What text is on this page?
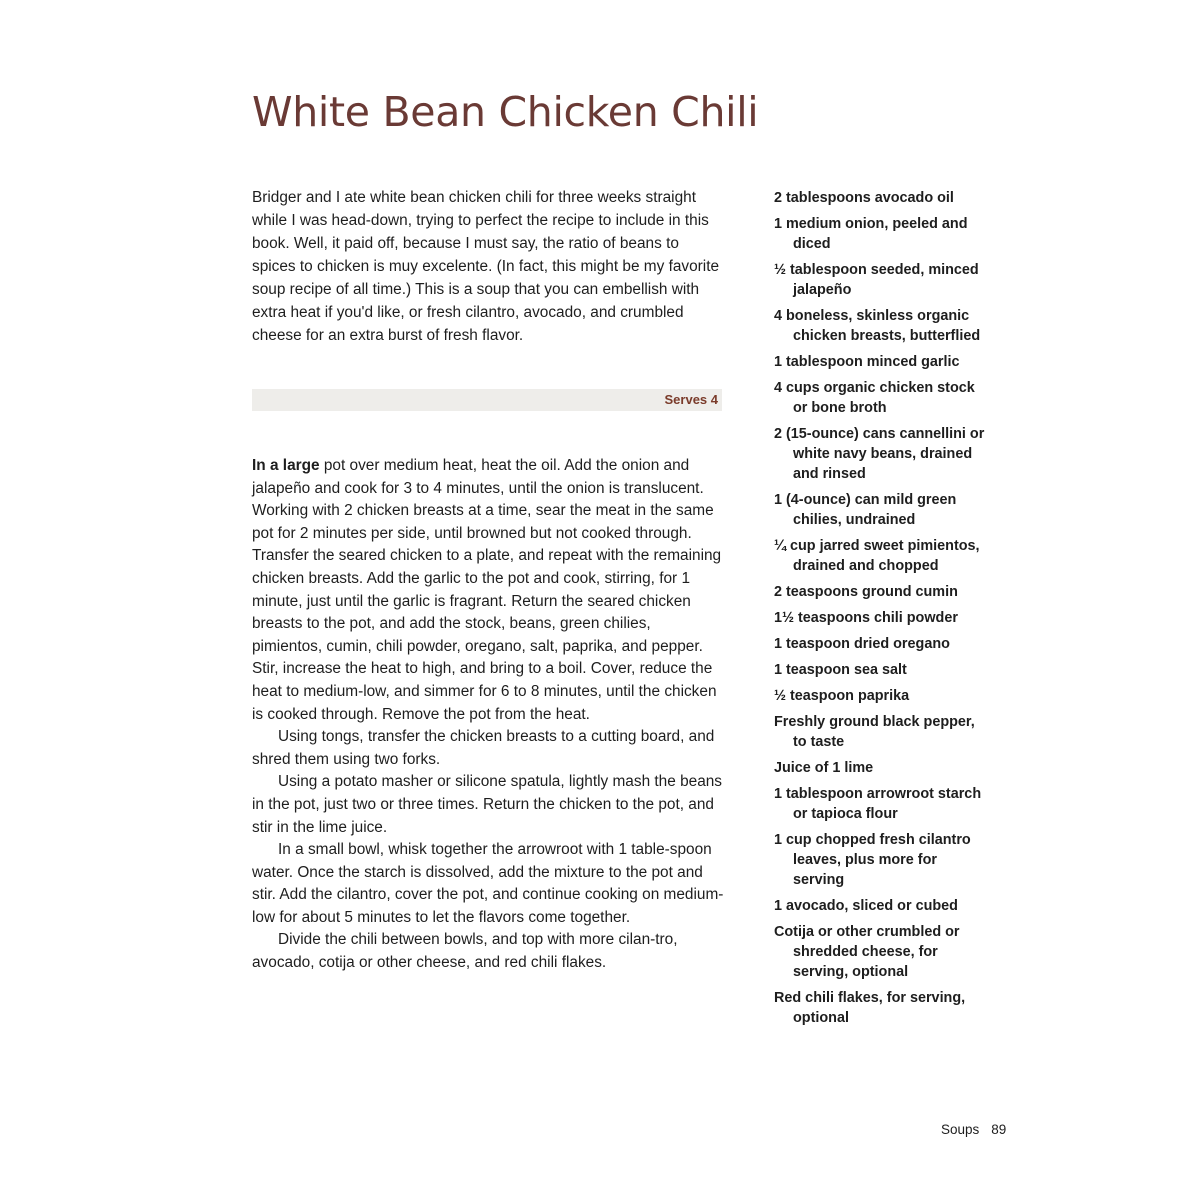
White Bean Chicken Chili

Bridger and I ate white bean chicken chili for three weeks straight while I was head-down, trying to perfect the recipe to include in this book. Well, it paid off, because I must say, the ratio of beans to spices to chicken is muy excelente. (In fact, this might be my favorite soup recipe of all time.) This is a soup that you can embellish with extra heat if you'd like, or fresh cilantro, avocado, and crumbled cheese for an extra burst of fresh flavor.

Serves 4

In a large pot over medium heat, heat the oil. Add the onion and jalapeño and cook for 3 to 4 minutes, until the onion is translucent. Working with 2 chicken breasts at a time, sear the meat in the same pot for 2 minutes per side, until browned but not cooked through. Transfer the seared chicken to a plate, and repeat with the remaining chicken breasts. Add the garlic to the pot and cook, stirring, for 1 minute, just until the garlic is fragrant. Return the seared chicken breasts to the pot, and add the stock, beans, green chilies, pimientos, cumin, chili powder, oregano, salt, paprika, and pepper. Stir, increase the heat to high, and bring to a boil. Cover, reduce the heat to medium-low, and simmer for 6 to 8 minutes, until the chicken is cooked through. Remove the pot from the heat.

Using tongs, transfer the chicken breasts to a cutting board, and shred them using two forks.

Using a potato masher or silicone spatula, lightly mash the beans in the pot, just two or three times. Return the chicken to the pot, and stir in the lime juice.

In a small bowl, whisk together the arrowroot with 1 table-spoon water. Once the starch is dissolved, add the mixture to the pot and stir. Add the cilantro, cover the pot, and continue cooking on medium-low for about 5 minutes to let the flavors come together.

Divide the chili between bowls, and top with more cilan-tro, avocado, cotija or other cheese, and red chili flakes.

2 tablespoons avocado oil
1 medium onion, peeled and diced
½ tablespoon seeded, minced jalapeño
4 boneless, skinless organic chicken breasts, butterflied
1 tablespoon minced garlic
4 cups organic chicken stock or bone broth
2 (15-ounce) cans cannellini or white navy beans, drained and rinsed
1 (4-ounce) can mild green chilies, undrained
¼ cup jarred sweet pimientos, drained and chopped
2 teaspoons ground cumin
1½ teaspoons chili powder
1 teaspoon dried oregano
1 teaspoon sea salt
½ teaspoon paprika
Freshly ground black pepper, to taste
Juice of 1 lime
1 tablespoon arrowroot starch or tapioca flour
1 cup chopped fresh cilantro leaves, plus more for serving
1 avocado, sliced or cubed
Cotija or other crumbled or shredded cheese, for serving, optional
Red chili flakes, for serving, optional
Soups 89
